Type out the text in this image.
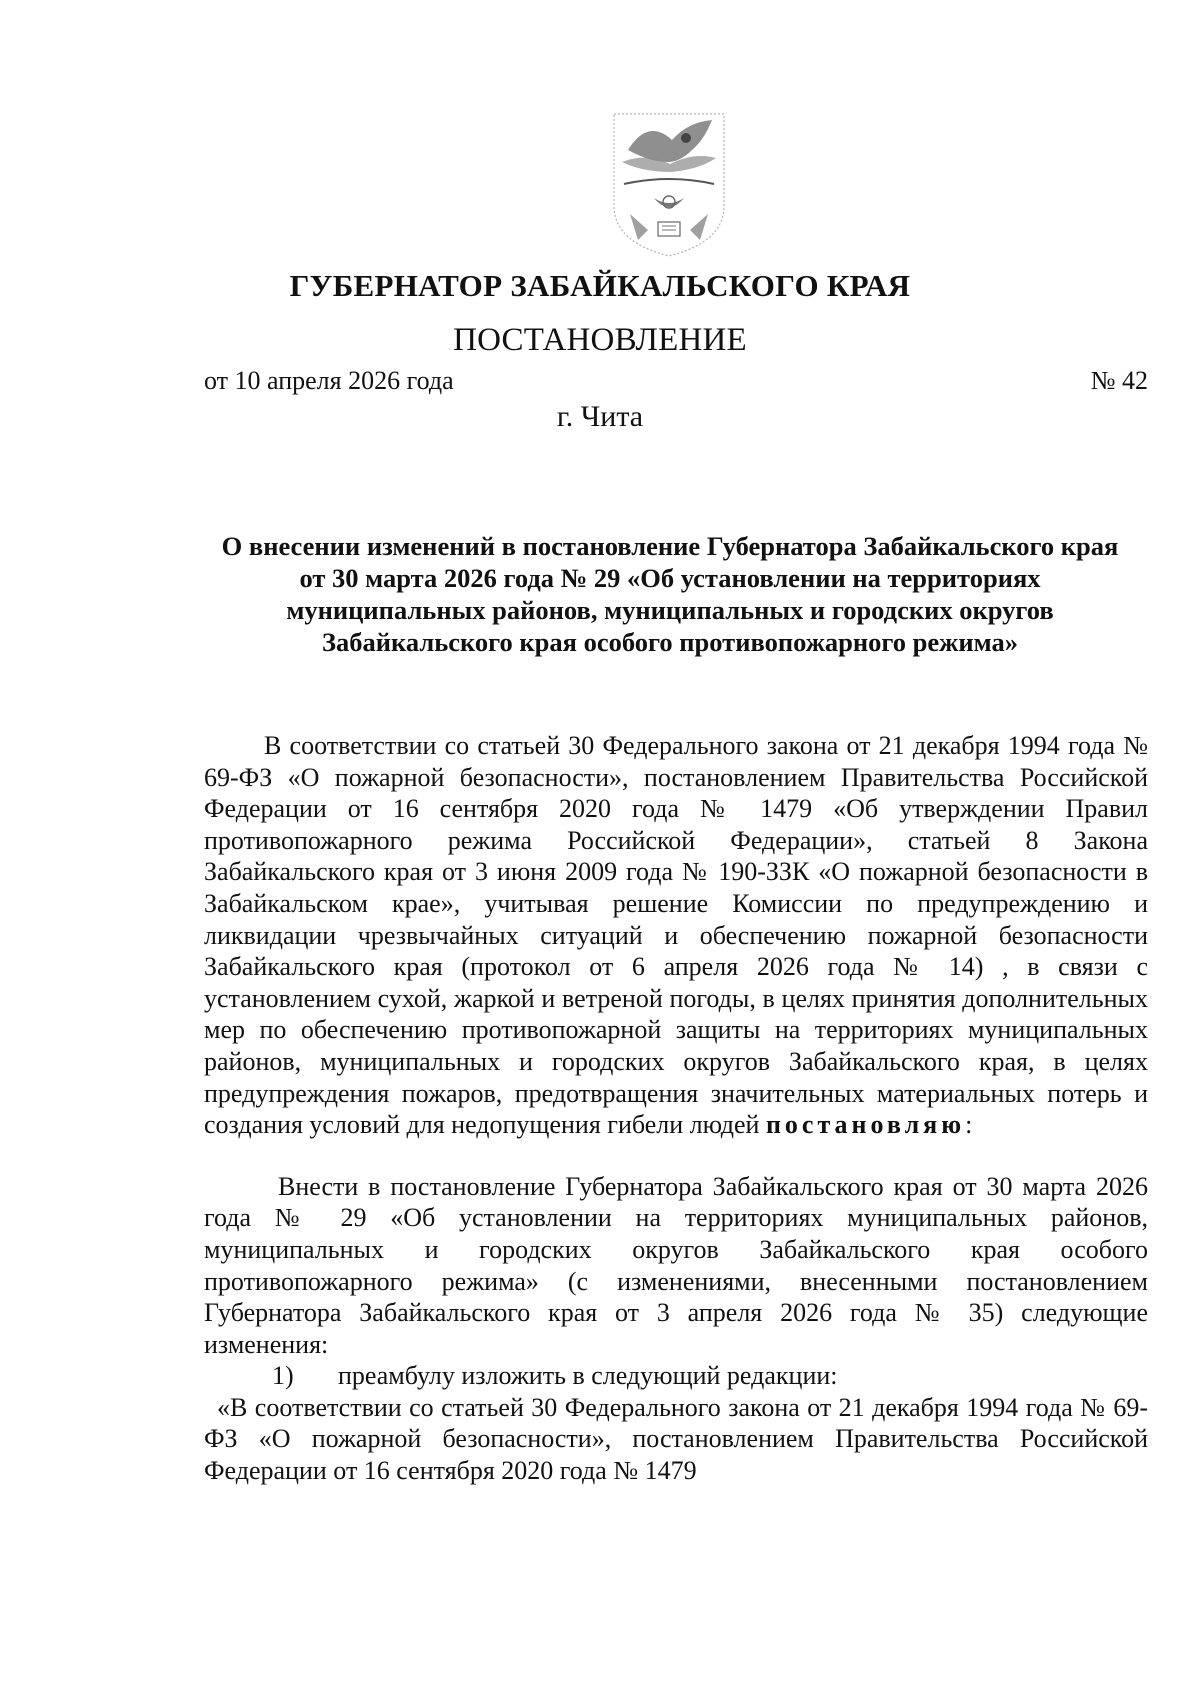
ГУБЕРНАТОР ЗАБАЙКАЛЬСКОГО КРАЯ
ПОСТАНОВЛЕНИЕ
от 10 апреля 2026 года	№ 42
г. Чита
О внесении изменений в постановление Губернатора Забайкальского края от 30 марта 2026 года № 29 «Об установлении на территориях муниципальных районов, муниципальных и городских округов Забайкальского края особого противопожарного режима»

В соответствии со статьей 30 Федерального закона от 21 декабря 1994 года № 69-ФЗ «О пожарной безопасности», постановлением Правительства Российской Федерации от 16 сентября 2020 года № 1479 «Об утверждении Правил противопожарного режима Российской Федерации», статьей 8 Закона Забайкальского края от 3 июня 2009 года № 190-ЗЗК «О пожарной безопасности в Забайкальском крае», учитывая решение Комиссии по предупреждению и ликвидации чрезвычайных ситуаций и обеспечению пожарной безопасности Забайкальского края (протокол от 6 апреля 2026 года № 14) , в связи с установлением сухой, жаркой и ветреной погоды, в целях принятия дополнительных мер по обеспечению противопожарной защиты на территориях муниципальных районов, муниципальных и городских округов Забайкальского края, в целях предупреждения пожаров, предотвращения значительных материальных потерь и создания условий для недопущения гибели людей постановляю:

Внести в постановление Губернатора Забайкальского края от 30 марта 2026 года № 29 «Об установлении на территориях муниципальных районов, муниципальных и городских округов Забайкальского края особого противопожарного режима» (с изменениями, внесенными постановлением Губернатора Забайкальского края от 3 апреля 2026 года № 35) следующие изменения:

1)	преамбулу изложить в следующий редакции:

«В соответствии со статьей 30 Федерального закона от 21 декабря 1994 года № 69-ФЗ «О пожарной безопасности», постановлением Правительства Российской Федерации от 16 сентября 2020 года № 1479
